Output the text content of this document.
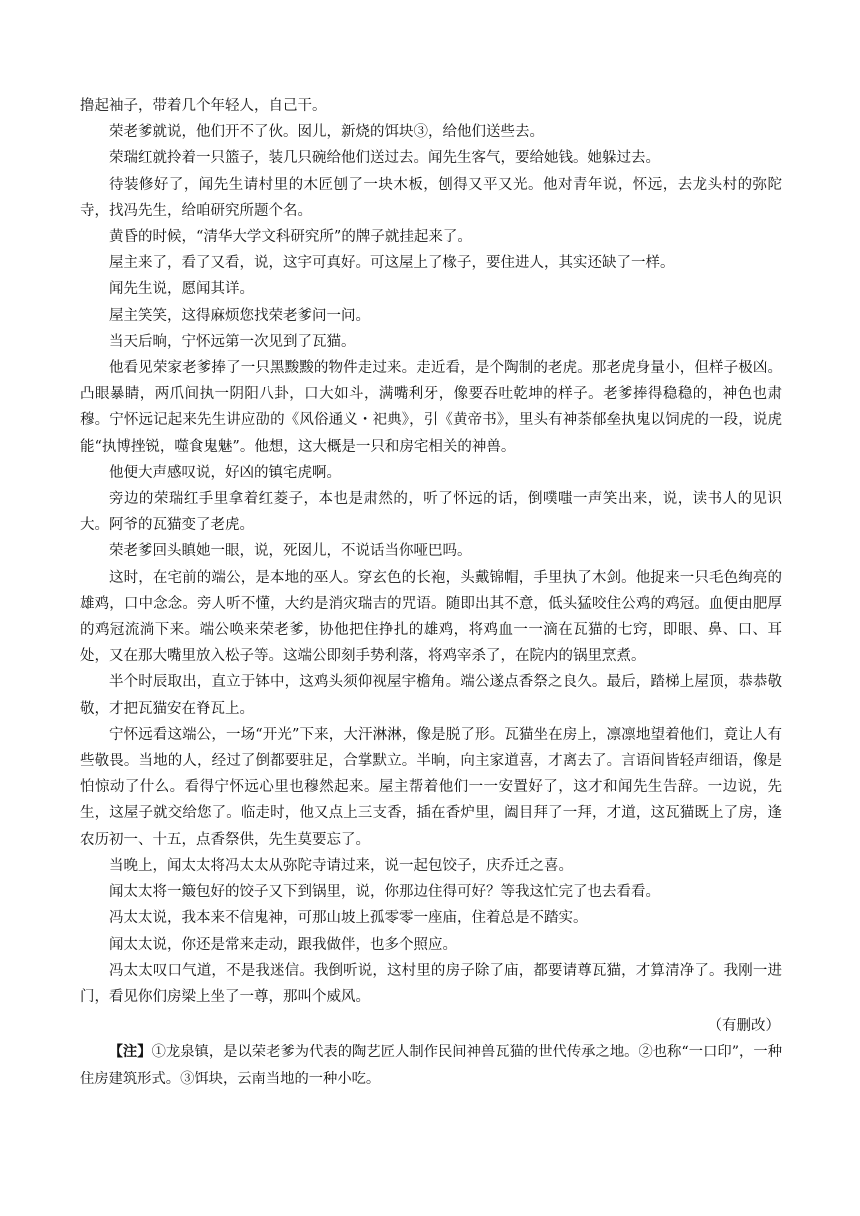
撸起袖子，带着几个年轻人，自己干。

荣老爹就说，他们开不了伙。囡儿，新烧的饵块③，给他们送些去。

荣瑞红就拎着一只篮子，装几只碗给他们送过去。闻先生客气，要给她钱。她躲过去。

待装修好了，闻先生请村里的木匠刨了一块木板，刨得又平又光。他对青年说，怀远，去龙头村的弥陀寺，找冯先生，给咱研究所题个名。

黄昏的时候，“清华大学文科研究所”的牌子就挂起来了。

屋主来了，看了又看，说，这宇可真好。可这屋上了椽子，要住进人，其实还缺了一样。

闻先生说，愿闻其详。

屋主笑笑，这得麻烦您找荣老爹问一问。

当天后晌，宁怀远第一次见到了瓦猫。

他看见荣家老爹捧了一只黑黢黢的物件走过来。走近看，是个陶制的老虎。那老虎身量小，但样子极凶。凸眼暴睛，两爪间执一阴阳八卦，口大如斗，满嘴利牙，像要吞吐乾坤的样子。老爹捧得稳稳的，神色也肃穆。宁怀远记起来先生讲应劭的《风俗通义・祀典》，引《黄帝书》，里头有神荼郁垒执鬼以饲虎的一段，说虎能“执博挫锐，噬食鬼魅”。他想，这大概是一只和房宅相关的神兽。

他便大声感叹说，好凶的镇宅虎啊。

旁边的荣瑞红手里拿着红菱子，本也是肃然的，听了怀远的话，倒噗嗤一声笑出来，说，读书人的见识大。阿爷的瓦猫变了老虎。

荣老爹回头瞋她一眼，说，死囡儿，不说话当你哑巴吗。

这时，在宅前的端公，是本地的巫人。穿玄色的长袍，头戴锦帽，手里执了木剑。他捉来一只毛色绚亮的雄鸡，口中念念。旁人听不懂，大约是消灾瑞吉的咒语。随即出其不意，低头猛咬住公鸡的鸡冠。血便由肥厚的鸡冠流淌下来。端公唤来荣老爹，协他把住挣扎的雄鸡，将鸡血一一滴在瓦猫的七窍，即眼、鼻、口、耳处，又在那大嘴里放入松子等。这端公即刻手势利落，将鸡宰杀了，在院内的锅里烹煮。

半个时辰取出，直立于钵中，这鸡头须仰视屋宇檐角。端公遂点香祭之良久。最后，踏梯上屋顶，恭恭敬敬，才把瓦猫安在脊瓦上。

宁怀远看这端公，一场“开光”下来，大汗淋淋，像是脱了形。瓦猫坐在房上，凛凛地望着他们，竟让人有些敬畏。当地的人，经过了倒都要驻足，合掌默立。半晌，向主家道喜，才离去了。言语间皆轻声细语，像是怕惊动了什么。看得宁怀远心里也穆然起来。屋主帮着他们一一安置好了，这才和闻先生告辞。一边说，先生，这屋子就交给您了。临走时，他又点上三支香，插在香炉里，阖目拜了一拜，才道，这瓦猫既上了房，逢农历初一、十五，点香祭供，先生莫要忘了。

当晚上，闻太太将冯太太从弥陀寺请过来，说一起包饺子，庆乔迁之喜。

闻太太将一簸包好的饺子又下到锅里，说，你那边住得可好？等我这忙完了也去看看。

冯太太说，我本来不信鬼神，可那山坡上孤零零一座庙，住着总是不踏实。

闻太太说，你还是常来走动，跟我做伴，也多个照应。

冯太太叹口气道，不是我迷信。我倒听说，这村里的房子除了庙，都要请尊瓦猫，才算清净了。我刚一进门，看见你们房梁上坐了一尊，那叫个威风。

（有删改）

【注】①龙泉镇，是以荣老爹为代表的陶艺匠人制作民间神兽瓦猫的世代传承之地。②也称“一口印”，一种住房建筑形式。③饵块，云南当地的一种小吃。
